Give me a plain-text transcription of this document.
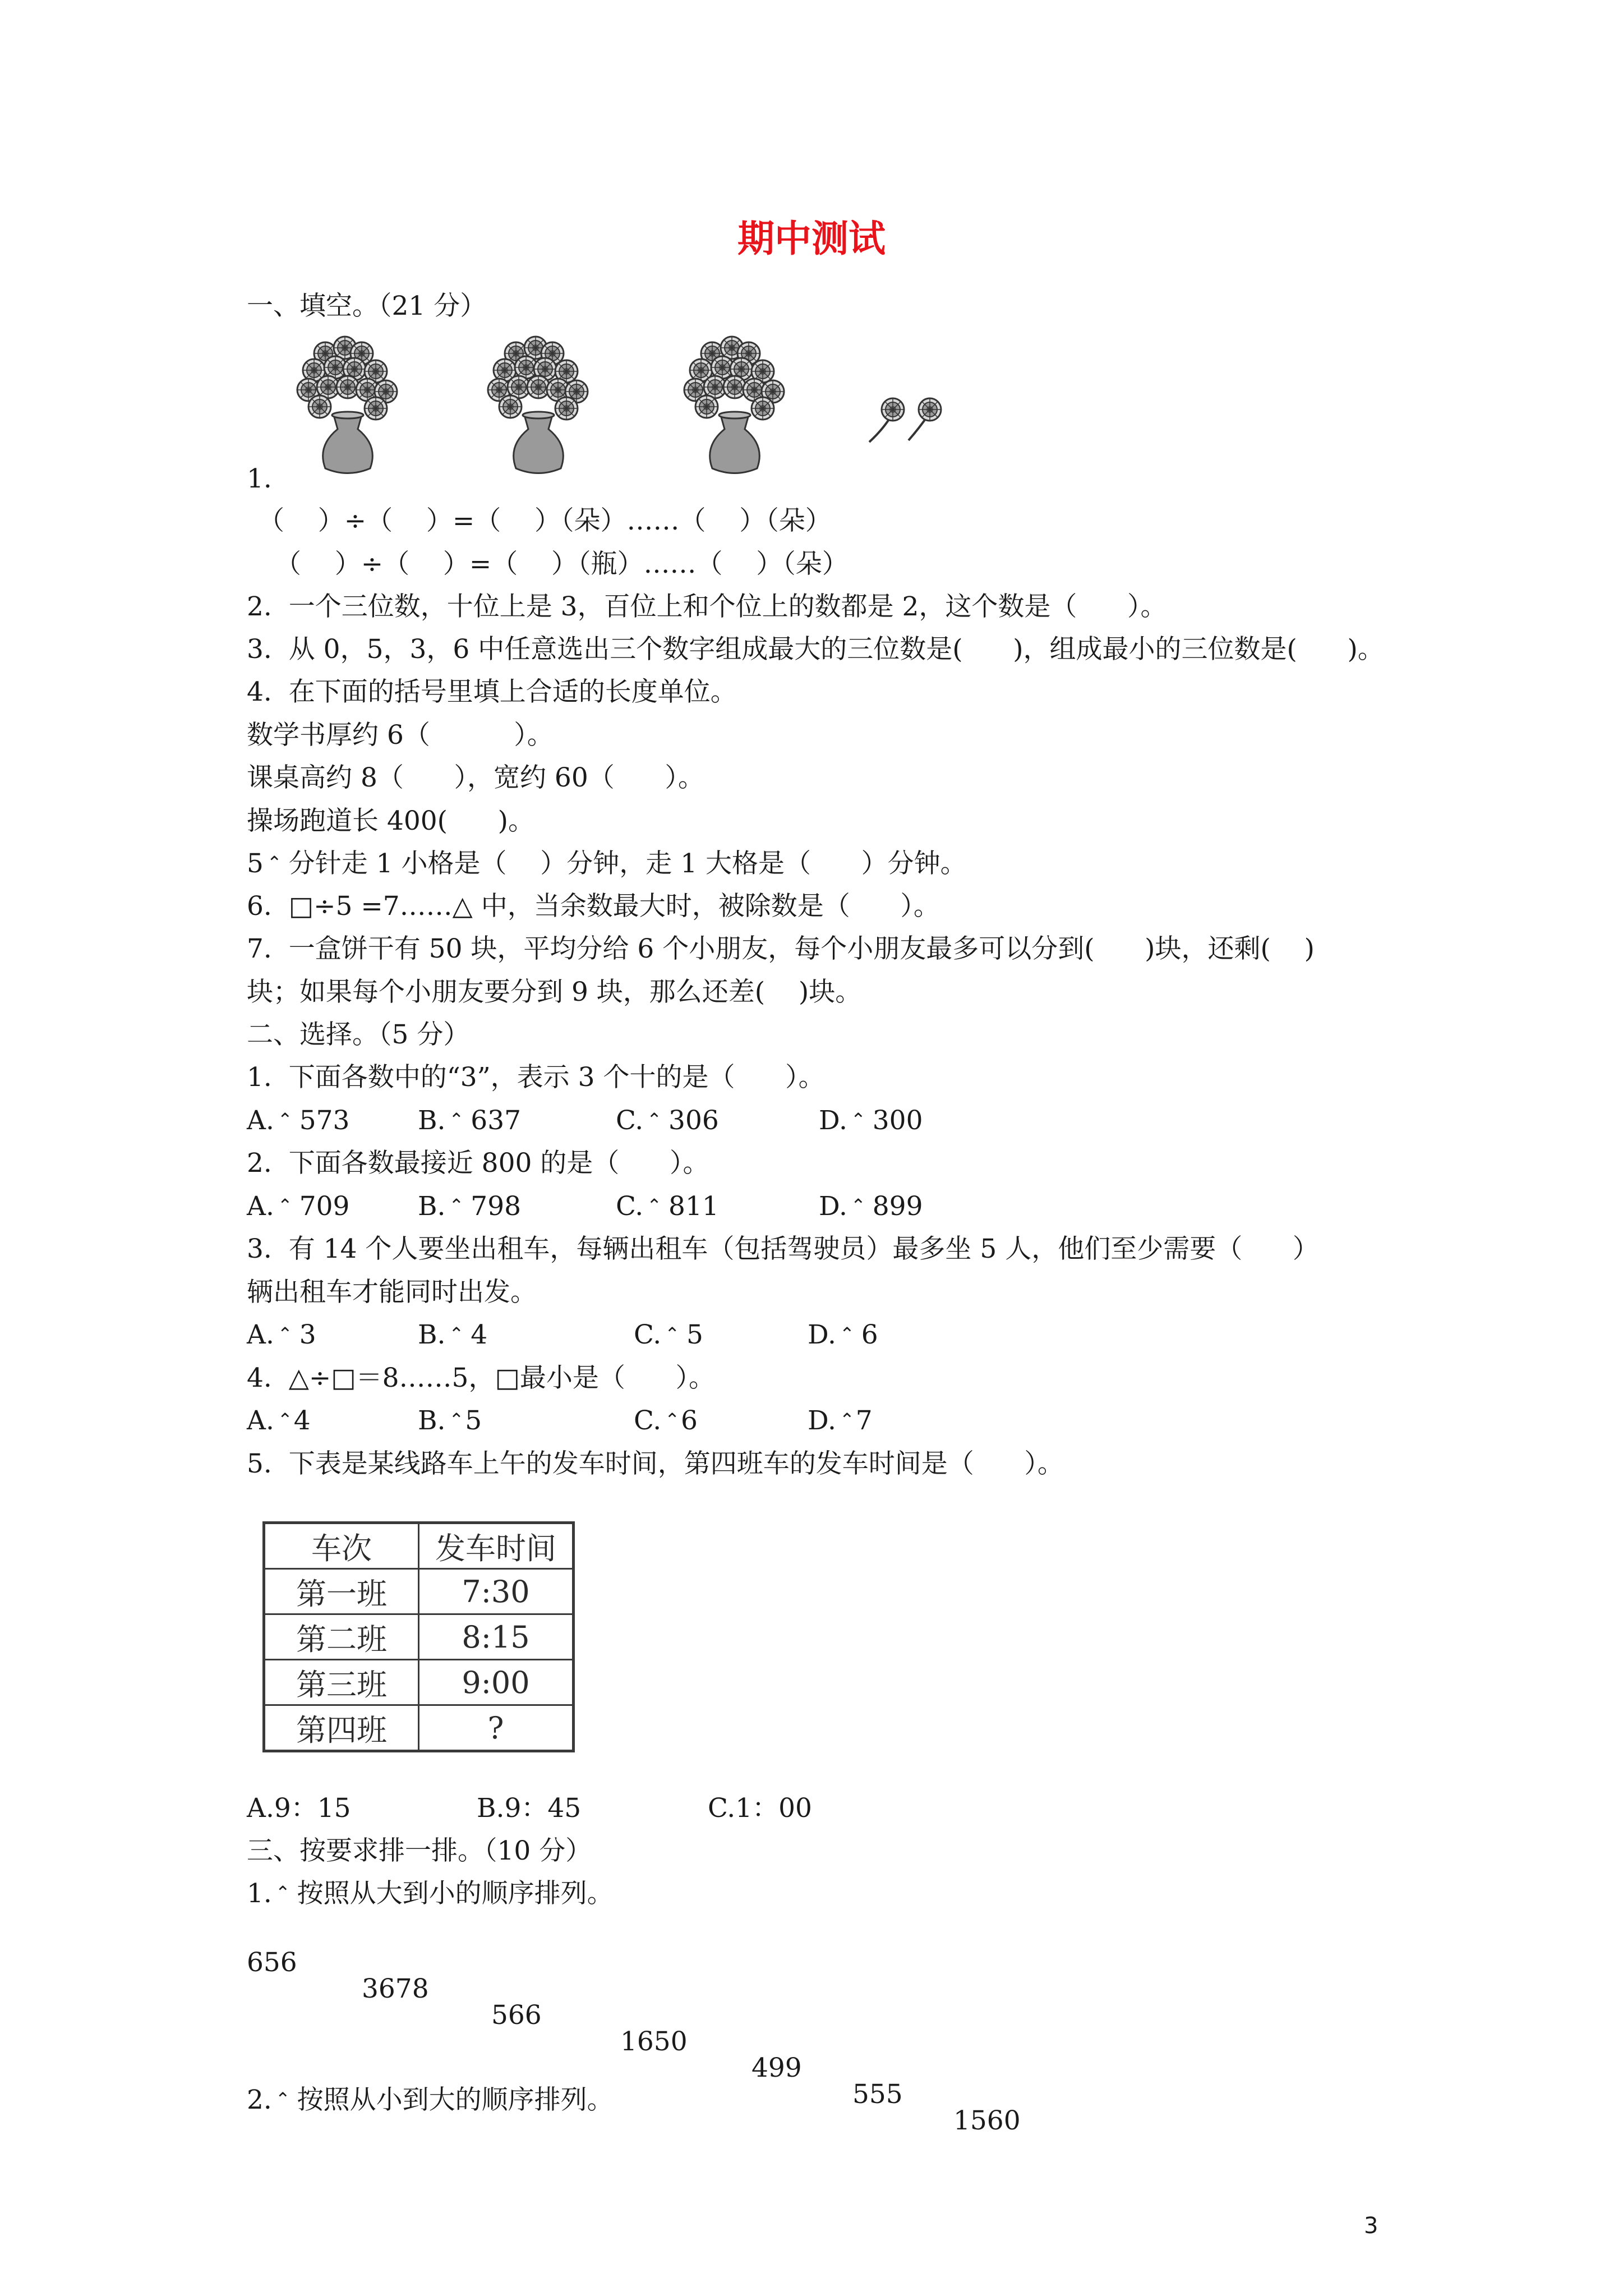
期中测试
一、填空。（21 分）
1.
（    ）÷（    ）=（    ）（朵）……（    ）（朵）
（    ）÷（    ）=（    ）（瓶）……（    ）（朵）
2.  一个三位数，十位上是 3，百位上和个位上的数都是 2，这个数是（      ）。
3.  从 0，5，3，6 中任意选出三个数字组成最大的三位数是(      )，组成最小的三位数是(      )。
4.  在下面的括号里填上合适的长度单位。
数学书厚约 6（          ）。
课桌高约 8（      ），宽约 60（      ）。
操场跑道长 400(      )。
5 ⌃ 分针走 1 小格是（    ）分钟，走 1 大格是（      ）分钟。
6.  □÷5 =7……△ 中，当余数最大时，被除数是（      ）。
7.  一盒饼干有 50 块，平均分给 6 个小朋友，每个小朋友最多可以分到(      )块，还剩(    )
块；如果每个小朋友要分到 9 块，那么还差(    )块。
二、选择。（5 分）
1.  下面各数中的“3”，表示 3 个十的是（      ）。
2.  下面各数最接近 800 的是（      ）。
3.  有 14 个人要坐出租车，每辆出租车（包括驾驶员）最多坐 5 人，他们至少需要（      ）
辆出租车才能同时出发。
4.  △÷□＝8……5，□最小是（      ）。
5.  下表是某线路车上午的发车时间，第四班车的发车时间是（      ）。
车次	发车时间
第一班	7:30
第二班	8:15
第三班	9:00
第四班	?
A.9：15	B.9：45	C.1：00
三、按要求排一排。（10 分）
1. ⌃ 按照从大到小的顺序排列。

656

3678

566

1650

499

555

1560

2. ⌃ 按照从小到大的顺序排列。
3
A. ⌃ 573	B. ⌃ 637	C. ⌃ 306	D. ⌃ 300
A. ⌃ 709	B. ⌃ 798	C. ⌃ 811	D. ⌃ 899
A. ⌃ 3	B. ⌃ 4	C. ⌃ 5	D. ⌃ 6
A. ⌃4	B. ⌃5	C. ⌃6	D. ⌃7
